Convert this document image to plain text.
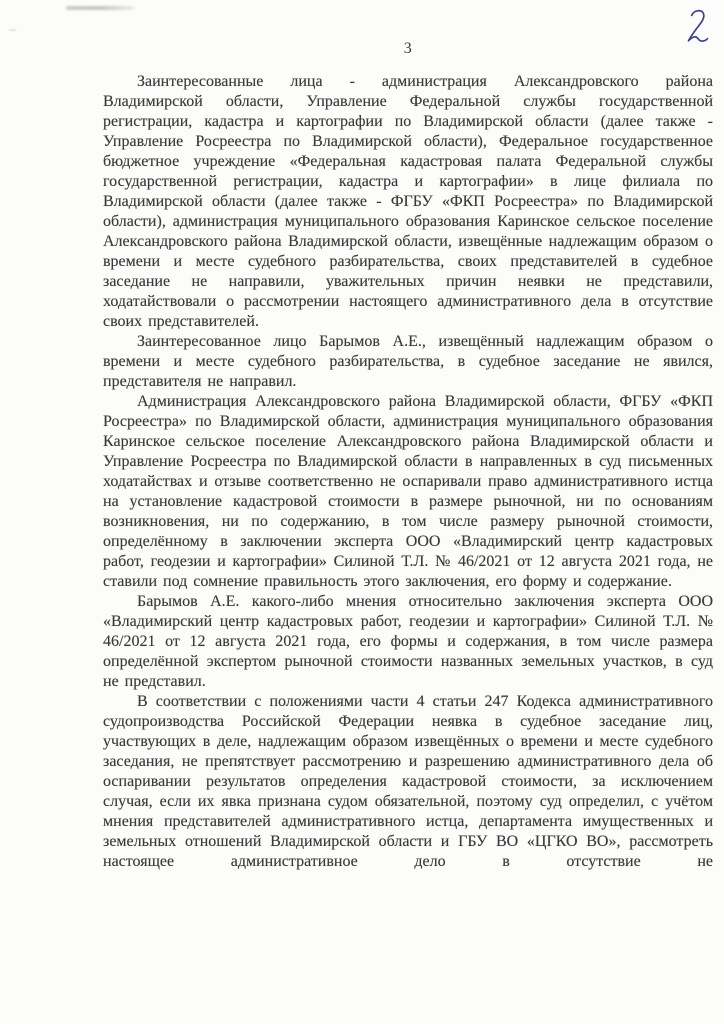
3

Заинтересованные лица - администрация Александровского района Владимирской области, Управление Федеральной службы государственной регистрации, кадастра и картографии по Владимирской области (далее также - Управление Росреестра по Владимирской области), Федеральное государственное бюджетное учреждение «Федеральная кадастровая палата Федеральной службы государственной регистрации, кадастра и картографии» в лице филиала по Владимирской области (далее также - ФГБУ «ФКП Росреестра» по Владимирской области), администрация муниципального образования Каринское сельское поселение Александровского района Владимирской области, извещённые надлежащим образом о времени и месте судебного разбирательства, своих представителей в судебное заседание не направили, уважительных причин неявки не представили, ходатайствовали о рассмотрении настоящего административного дела в отсутствие своих представителей.

Заинтересованное лицо Барымов А.Е., извещённый надлежащим образом о времени и месте судебного разбирательства, в судебное заседание не явился, представителя не направил.

Администрация Александровского района Владимирской области, ФГБУ «ФКП Росреестра» по Владимирской области, администрация муниципального образования Каринское сельское поселение Александровского района Владимирской области и Управление Росреестра по Владимирской области в направленных в суд письменных ходатайствах и отзыве соответственно не оспаривали право административного истца на установление кадастровой стоимости в размере рыночной, ни по основаниям возникновения, ни по содержанию, в том числе размеру рыночной стоимости, определённому в заключении эксперта ООО «Владимирский центр кадастровых работ, геодезии и картографии» Силиной Т.Л. № 46/2021 от 12 августа 2021 года, не ставили под сомнение правильность этого заключения, его форму и содержание.

Барымов А.Е. какого-либо мнения относительно заключения эксперта ООО «Владимирский центр кадастровых работ, геодезии и картографии» Силиной Т.Л. № 46/2021 от 12 августа 2021 года, его формы и содержания, в том числе размера определённой экспертом рыночной стоимости названных земельных участков, в суд не представил.

В соответствии с положениями части 4 статьи 247 Кодекса административного судопроизводства Российской Федерации неявка в судебное заседание лиц, участвующих в деле, надлежащим образом извещённых о времени и месте судебного заседания, не препятствует рассмотрению и разрешению административного дела об оспаривании результатов определения кадастровой стоимости, за исключением случая, если их явка признана судом обязательной, поэтому суд определил, с учётом мнения представителей административного истца, департамента имущественных и земельных отношений Владимирской области и ГБУ ВО «ЦГКО ВО», рассмотреть настоящее административное дело в отсутствие не
